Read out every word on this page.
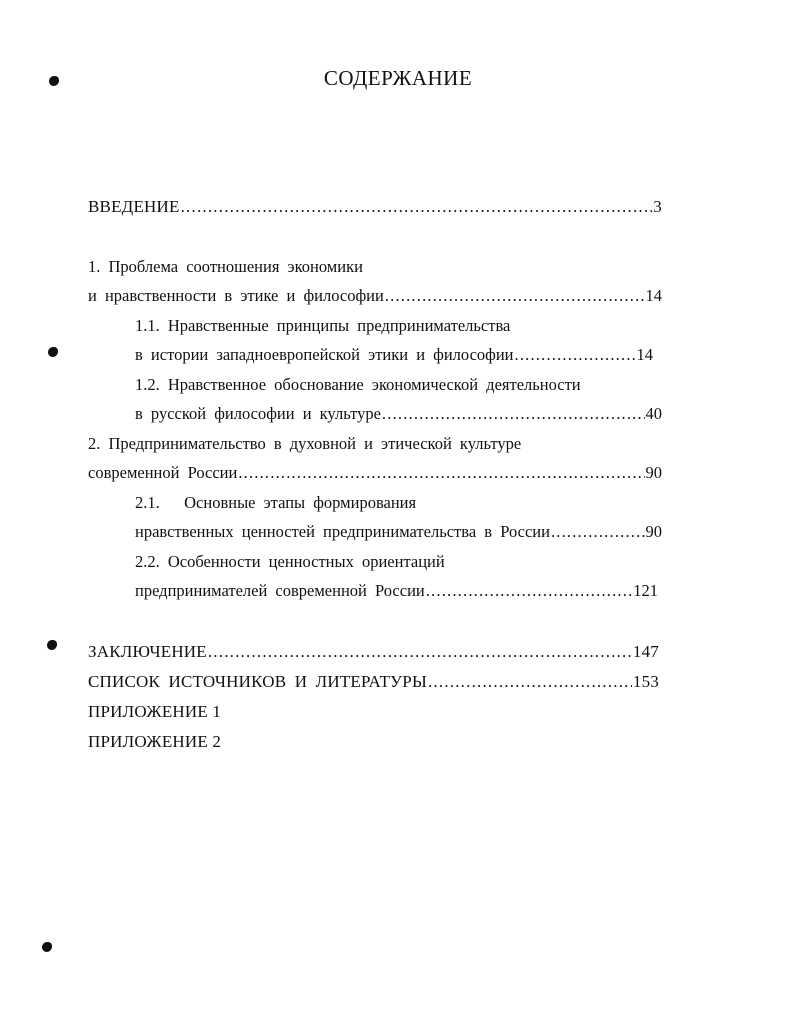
СОДЕРЖАНИЕ
ВВЕДЕНИЕ .....	3
1. Проблема соотношения экономики
и нравственности в этике и философии .....	14
1.1. Нравственные принципы предпринимательства
в истории западноевропейской этики и философии .....	14
1.2. Нравственное обоснование экономической деятельности
в русской философии и культуре .....	40
2. Предпринимательство в духовной и этической культуре
современной России .....	90
2.1.   Основные этапы формирования
нравственных ценностей предпринимательства в России .....	90
2.2. Особенности ценностных ориентаций
предпринимателей современной России .....	121
ЗАКЛЮЧЕНИЕ .....	147
СПИСОК ИСТОЧНИКОВ И ЛИТЕРАТУРЫ .....	153
ПРИЛОЖЕНИЕ 1
ПРИЛОЖЕНИЕ 2
